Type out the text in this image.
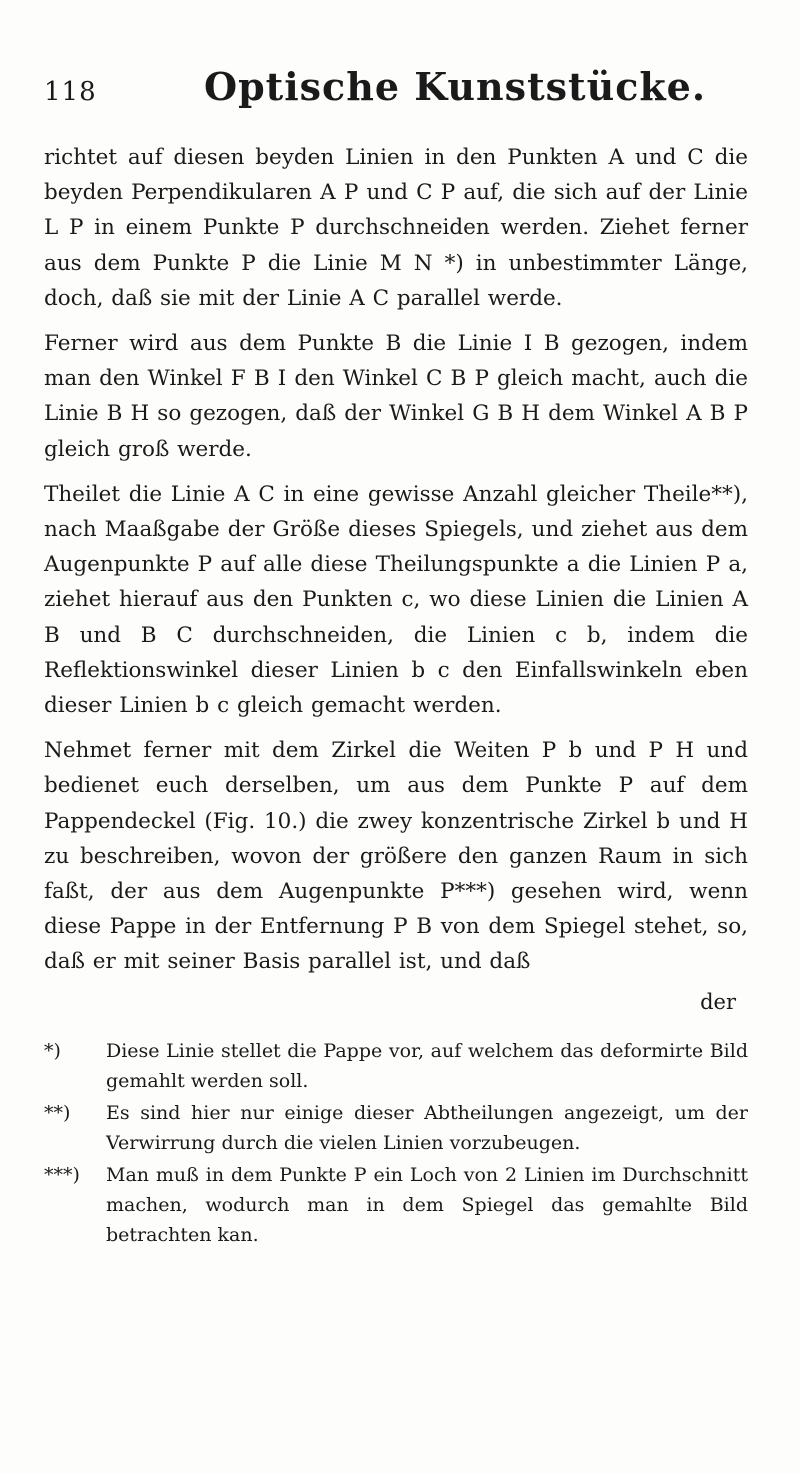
118	Optische Kunststücke.

richtet auf diesen beyden Linien in den Punkten A und C die beyden Perpendikularen A P und C P auf, die sich auf der Linie L P in einem Punkte P durchschneiden werden. Ziehet ferner aus dem Punkte P die Linie M N *) in unbestimmter Länge, doch, daß sie mit der Linie A C parallel werde.

Ferner wird aus dem Punkte B die Linie I B gezogen, indem man den Winkel F B I den Winkel C B P gleich macht, auch die Linie B H so gezogen, daß der Winkel G B H dem Winkel A B P gleich groß werde.

Theilet die Linie A C in eine gewisse Anzahl gleicher Theile**), nach Maaßgabe der Größe dieses Spiegels, und ziehet aus dem Augenpunkte P auf alle diese Theilungspunkte a die Linien P a, ziehet hierauf aus den Punkten c, wo diese Linien die Linien A B und B C durchschneiden, die Linien c b, indem die Reflektionswinkel dieser Linien b c den Einfallswinkeln eben dieser Linien b c gleich gemacht werden.

Nehmet ferner mit dem Zirkel die Weiten P b und P H und bedienet euch derselben, um aus dem Punkte P auf dem Pappendeckel (Fig. 10.) die zwey konzentrische Zirkel b und H zu beschreiben, wovon der größere den ganzen Raum in sich faßt, der aus dem Augenpunkte P***) gesehen wird, wenn diese Pappe in der Entfernung P B von dem Spiegel stehet, so, daß er mit seiner Basis parallel ist, und daß

der

*) Diese Linie stellet die Pappe vor, auf welchem das deformirte Bild gemahlt werden soll.

**) Es sind hier nur einige dieser Abtheilungen angezeigt, um der Verwirrung durch die vielen Linien vorzubeugen.

***) Man muß in dem Punkte P ein Loch von 2 Linien im Durchschnitt machen, wodurch man in dem Spiegel das gemahlte Bild betrachten kan.
